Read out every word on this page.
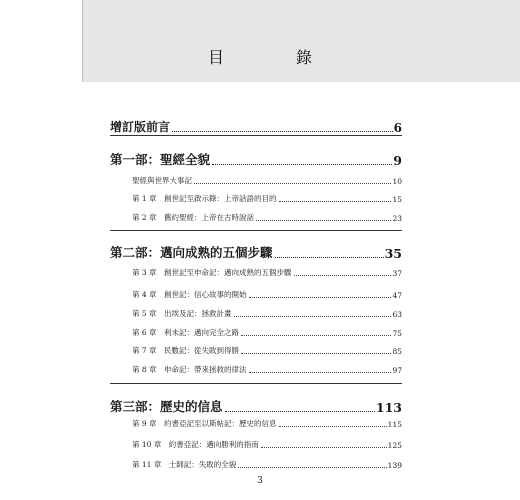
目　錄
增訂版前言	6
第一部：聖經全貌	9
聖經與世界大事記	10
第 1 章　創世記至啟示錄：上帝話語的目的	15
第 2 章　舊約聖經：上帝在古時說話	23
第二部：邁向成熟的五個步驟	35
第 3 章　創世記至申命記：邁向成熟的五個步驟	37
第 4 章　創世記：信心故事的開始	47
第 5 章　出埃及記：拯救計畫	63
第 6 章　利未記：邁向完全之路	75
第 7 章　民數記：從失敗到得勝	85
第 8 章　申命記：帶來拯救的律法	97
第三部：歷史的信息	113
第 9 章　約書亞記至以斯帖記：歷史的信息	115
第 10 章　約書亞記：邁向勝利的指南	125
第 11 章　士師記：失敗的全貌	139
3
